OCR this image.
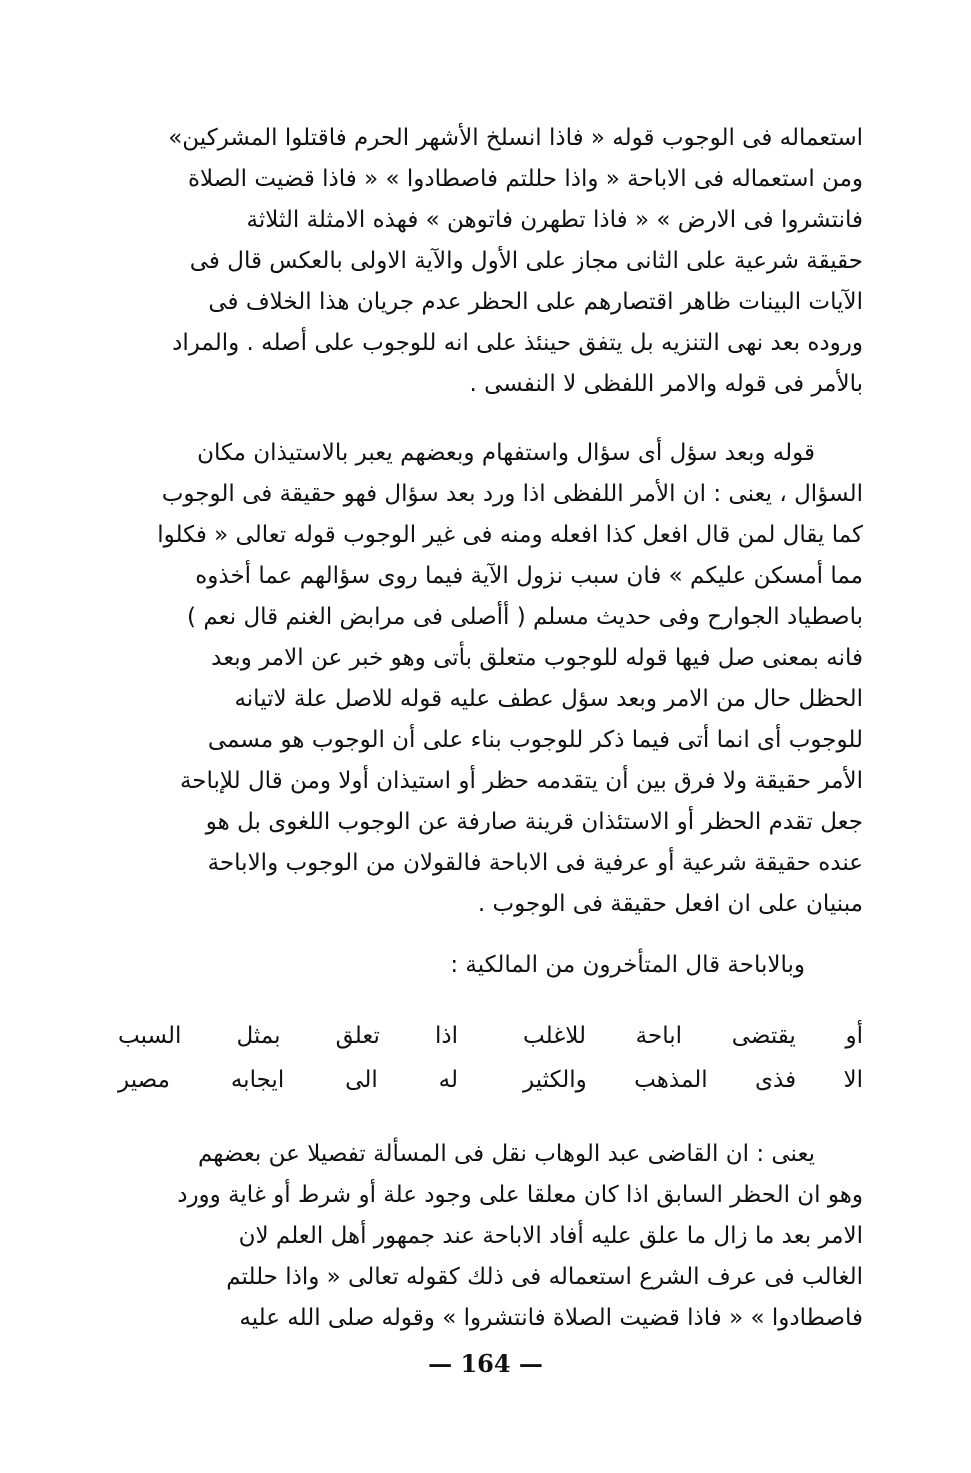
استعماله فى الوجوب قوله « فاذا انسلخ الأشهر الحرم فاقتلوا المشركين»

ومن استعماله فى الاباحة « واذا حللتم فاصطادوا » « فاذا قضيت الصلاة

فانتشروا فى الارض » « فاذا تطهرن فاتوهن » فهذه الامثلة الثلاثة

حقيقة شرعية على الثانى مجاز على الأول والآية الاولى بالعكس قال فى

الآيات البينات ظاهر اقتصارهم على الحظر عدم جريان هذا الخلاف فى

وروده بعد نهى التنزيه بل يتفق حينئذ على انه للوجوب على أصله . والمراد

بالأمر فى قوله والامر اللفظى لا النفسى .

قوله وبعد سؤل أى سؤال واستفهام وبعضهم يعبر بالاستيذان مكان

السؤال ، يعنى : ان الأمر اللفظى اذا ورد بعد سؤال فهو حقيقة فى الوجوب

كما يقال لمن قال افعل كذا افعله ومنه فى غير الوجوب قوله تعالى « فكلوا

مما أمسكن عليكم » فان سبب نزول الآية فيما روى سؤالهم عما أخذوه

باصطياد الجوارح وفى حديث مسلم ( أأصلى فى مرابض الغنم قال نعم )

فانه بمعنى صل فيها قوله للوجوب متعلق بأتى وهو خبر عن الامر وبعد

الحظل حال من الامر وبعد سؤل عطف عليه قوله للاصل علة لاتيانه

للوجوب أى انما أتى فيما ذكر للوجوب بناء على أن الوجوب هو مسمى

الأمر حقيقة ولا فرق بين أن يتقدمه حظر أو استيذان أولا ومن قال للإباحة

جعل تقدم الحظر أو الاستئذان قرينة صارفة عن الوجوب اللغوى بل هو

عنده حقيقة شرعية أو عرفية فى الاباحة فالقولان من الوجوب والاباحة

مبنيان على ان افعل حقيقة فى الوجوب .

وبالاباحة قال المتأخرون من المالكية :

أو يقتضى اباحة للاغلب
اذا تعلق بمثل السبب
الا فذى المذهب والكثير
له الى ايجابه مصير

يعنى : ان القاضى عبد الوهاب نقل فى المسألة تفصيلا عن بعضهم

وهو ان الحظر السابق اذا كان معلقا على وجود علة أو شرط أو غاية وورد

الامر بعد ما زال ما علق عليه أفاد الاباحة عند جمهور أهل العلم لان

الغالب فى عرف الشرع استعماله فى ذلك كقوله تعالى « واذا حللتم

فاصطادوا » « فاذا قضيت الصلاة فانتشروا » وقوله صلى الله عليه

— 164 —
